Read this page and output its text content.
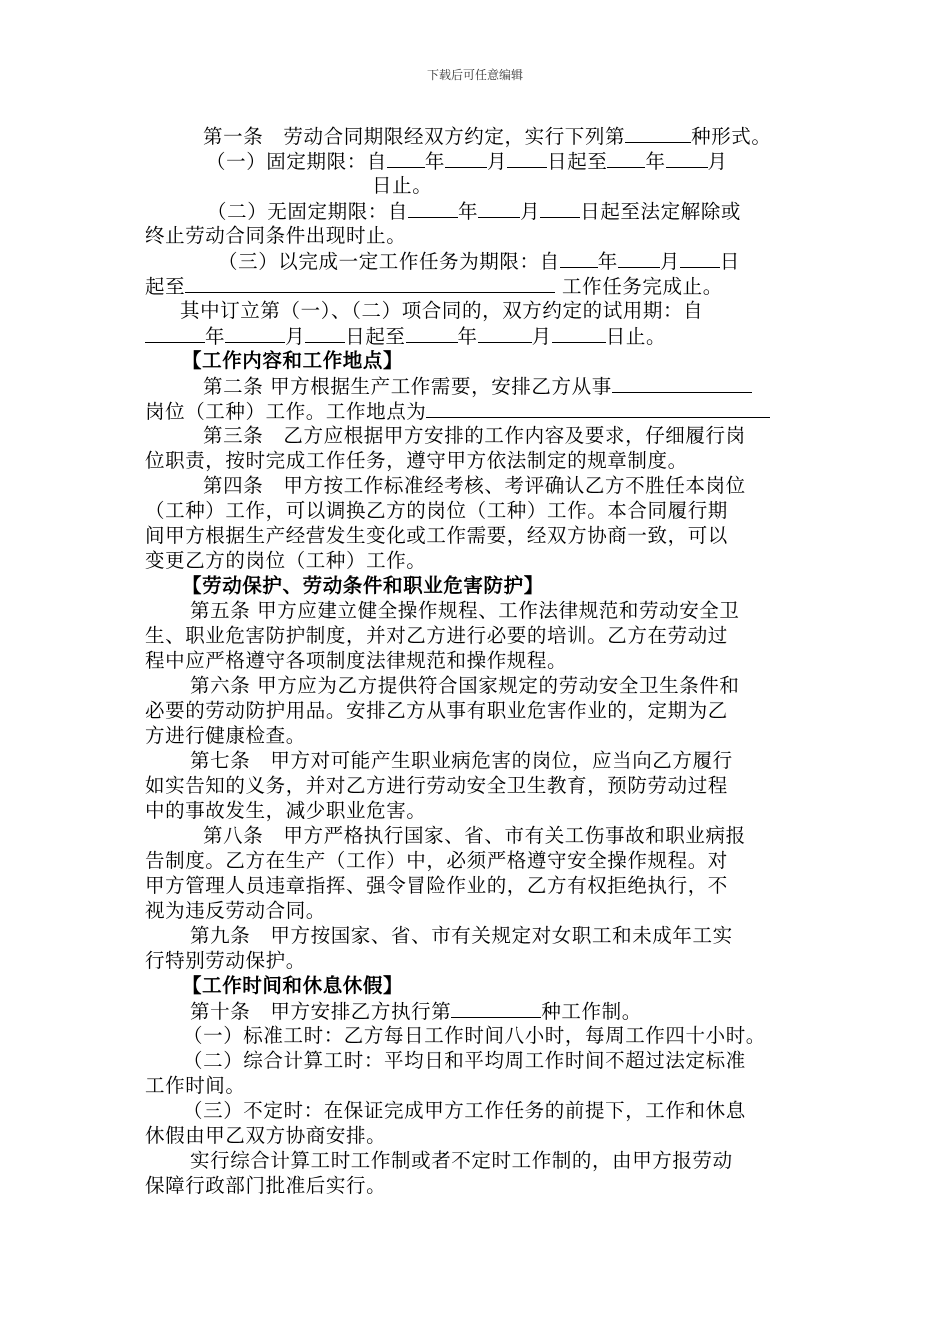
下载后可任意编辑
第一条　劳动合同期限经双方约定，实行下列第	种形式。
（一）固定期限：自 年 月 日起至 年 月
日止。
（二）无固定期限：自	年 月 日起至法定解除或
终止劳动合同条件出现时止。
（三）以完成一定工作任务为期限：自 年 月 日
起至	工作任务完成止。
其中订立第（一）、（二）项合同的，双方约定的试用期：自
年	月 日起至	年	月	日止。
【工作内容和工作地点】
第二条 甲方根据生产工作需要，安排乙方从事
岗位（工种）工作。工作地点为
第三条　乙方应根据甲方安排的工作内容及要求，仔细履行岗
位职责，按时完成工作任务，遵守甲方依法制定的规章制度。
第四条　甲方按工作标准经考核、考评确认乙方不胜任本岗位
（工种）工作，可以调换乙方的岗位（工种）工作。本合同履行期
间甲方根据生产经营发生变化或工作需要，经双方协商一致，可以
变更乙方的岗位（工种）工作。
【劳动保护、劳动条件和职业危害防护】
第五条 甲方应建立健全操作规程、工作法律规范和劳动安全卫
生、职业危害防护制度，并对乙方进行必要的培训。乙方在劳动过
程中应严格遵守各项制度法律规范和操作规程。
第六条 甲方应为乙方提供符合国家规定的劳动安全卫生条件和
必要的劳动防护用品。安排乙方从事有职业危害作业的，定期为乙
方进行健康检查。
第七条　甲方对可能产生职业病危害的岗位，应当向乙方履行
如实告知的义务，并对乙方进行劳动安全卫生教育，预防劳动过程
中的事故发生，减少职业危害。
第八条　甲方严格执行国家、省、市有关工伤事故和职业病报
告制度。乙方在生产（工作）中，必须严格遵守安全操作规程。对
甲方管理人员违章指挥、强令冒险作业的，乙方有权拒绝执行，不
视为违反劳动合同。
第九条　甲方按国家、省、市有关规定对女职工和未成年工实
行特别劳动保护。
【工作时间和休息休假】
第十条　甲方安排乙方执行第	种工作制。
（一）标准工时：乙方每日工作时间八小时，每周工作四十小时。
（二）综合计算工时：平均日和平均周工作时间不超过法定标准
工作时间。
（三）不定时：在保证完成甲方工作任务的前提下，工作和休息
休假由甲乙双方协商安排。
实行综合计算工时工作制或者不定时工作制的，由甲方报劳动
保障行政部门批准后实行。
